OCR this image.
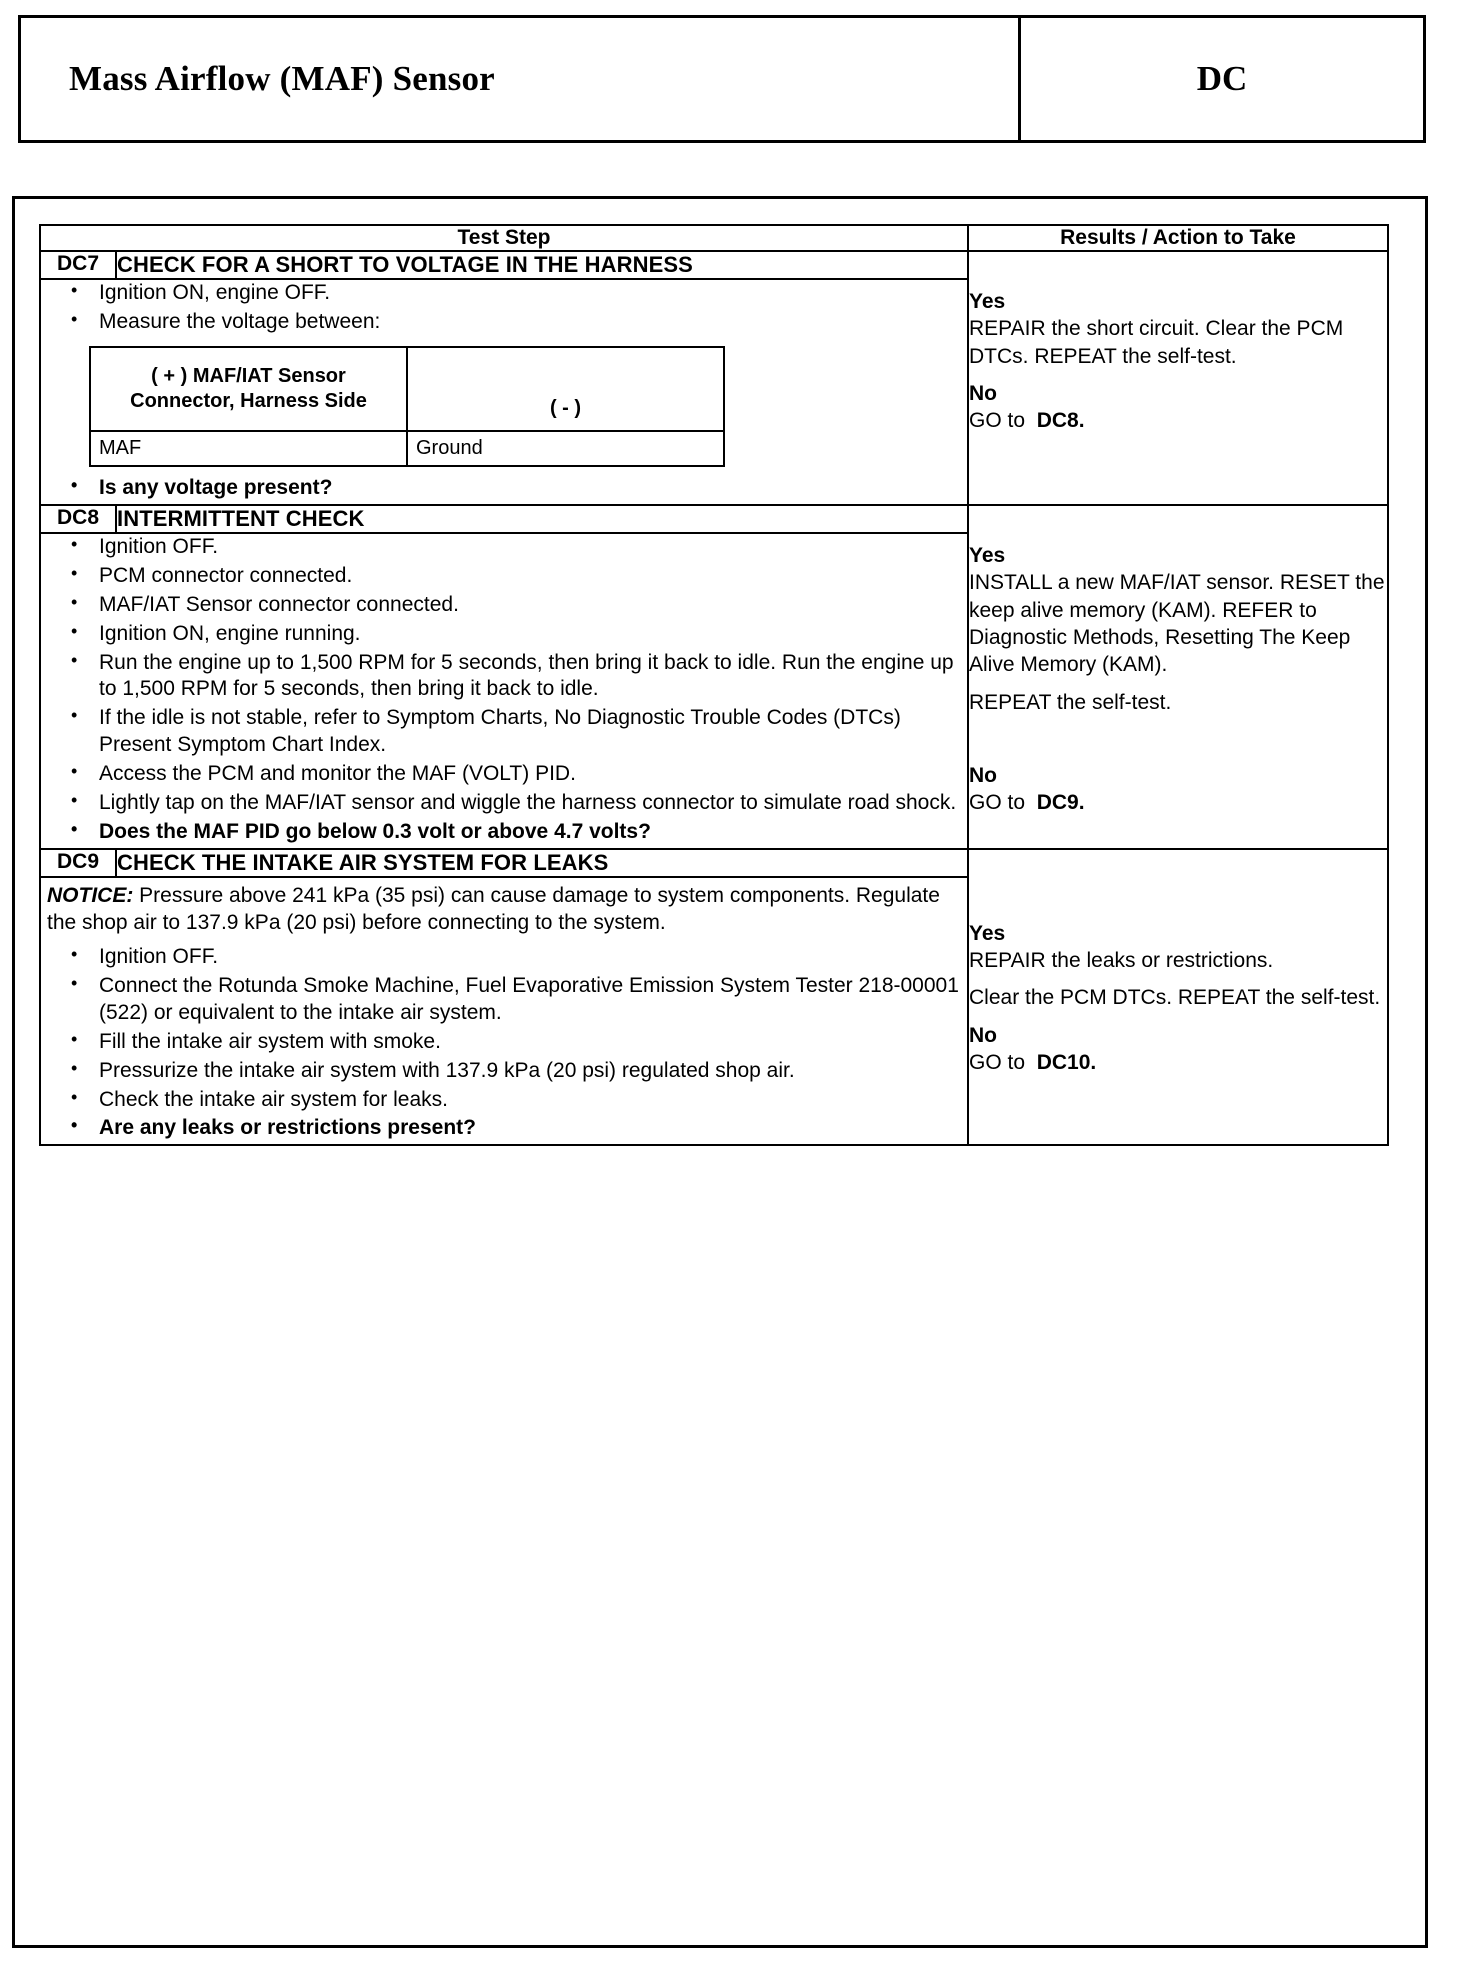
Mass Airflow (MAF) Sensor	DC
Test Step	Results / Action to Take
DC7	CHECK FOR A SHORT TO VOLTAGE IN THE HARNESS	
Yes
REPAIR the short circuit. Clear the PCM DTCs. REPEAT the self-test.
No
GO to DC8.

• Ignition ON, engine OFF.
• Measure the voltage between:
( + ) MAF/IAT Sensor Connector, Harness Side	( - )
MAF	Ground
• Is any voltage present?

DC8	INTERMITTENT CHECK	
Yes
INSTALL a new MAF/IAT sensor. RESET the keep alive memory (KAM). REFER to Diagnostic Methods, Resetting The Keep Alive Memory (KAM).
REPEAT the self-test.
No
GO to DC9.

• Ignition OFF.
• PCM connector connected.
• MAF/IAT Sensor connector connected.
• Ignition ON, engine running.
• Run the engine up to 1,500 RPM for 5 seconds, then bring it back to idle. Run the engine up to 1,500 RPM for 5 seconds, then bring it back to idle.
• If the idle is not stable, refer to Symptom Charts, No Diagnostic Trouble Codes (DTCs) Present Symptom Chart Index.
• Access the PCM and monitor the MAF (VOLT) PID.
• Lightly tap on the MAF/IAT sensor and wiggle the harness connector to simulate road shock.
• Does the MAF PID go below 0.3 volt or above 4.7 volts?

DC9	CHECK THE INTAKE AIR SYSTEM FOR LEAKS	
Yes
REPAIR the leaks or restrictions.
Clear the PCM DTCs. REPEAT the self-test.
No
GO to DC10.

NOTICE: Pressure above 241 kPa (35 psi) can cause damage to system components. Regulate the shop air to 137.9 kPa (20 psi) before connecting to the system.
• Ignition OFF.
• Connect the Rotunda Smoke Machine, Fuel Evaporative Emission System Tester 218-00001 (522) or equivalent to the intake air system.
• Fill the intake air system with smoke.
• Pressurize the intake air system with 137.9 kPa (20 psi) regulated shop air.
• Check the intake air system for leaks.
• Are any leaks or restrictions present?
